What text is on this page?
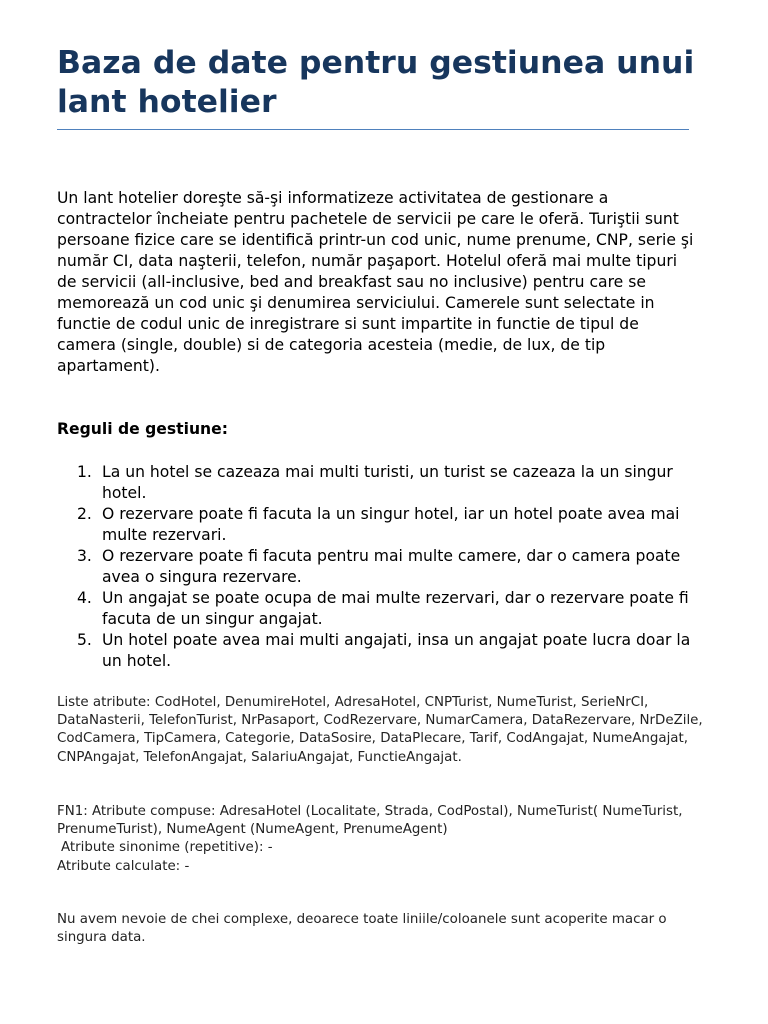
Baza de date pentru gestiunea unui lant hotelier

Un lant hotelier doreşte să-şi informatizeze activitatea de gestionare a contractelor încheiate pentru pachetele de servicii pe care le oferă. Turiştii sunt persoane fizice care se identifică printr-un cod unic, nume prenume, CNP, serie şi număr CI, data naşterii, telefon, număr paşaport. Hotelul oferă mai multe tipuri de servicii (all-inclusive, bed and breakfast sau no inclusive) pentru care se memorează un cod unic şi denumirea serviciului. Camerele sunt selectate in functie de codul unic de inregistrare si sunt impartite in functie de tipul de camera (single, double) si de categoria acesteia (medie, de lux, de tip apartament).

Reguli de gestiune:

1. La un hotel se cazeaza mai multi turisti, un turist se cazeaza la un singur hotel.
2. O rezervare poate fi facuta la un singur hotel, iar un hotel poate avea mai multe rezervari.
3. O rezervare poate fi facuta pentru mai multe camere, dar o camera poate avea o singura rezervare.
4. Un angajat se poate ocupa de mai multe rezervari, dar o rezervare poate fi facuta de un singur angajat.
5. Un hotel poate avea mai multi angajati, insa un angajat poate lucra doar la un hotel.

Liste atribute: CodHotel, DenumireHotel, AdresaHotel, CNPTurist, NumeTurist, SerieNrCI, DataNasterii, TelefonTurist, NrPasaport, CodRezervare, NumarCamera, DataRezervare, NrDeZile, CodCamera, TipCamera, Categorie, DataSosire, DataPlecare, Tarif, CodAngajat, NumeAngajat, CNPAngajat, TelefonAngajat, SalariuAngajat, FunctieAngajat.

FN1: Atribute compuse: AdresaHotel (Localitate, Strada, CodPostal), NumeTurist( NumeTurist, PrenumeTurist), NumeAgent (NumeAgent, PrenumeAgent)
Atribute sinonime (repetitive): -
Atribute calculate: -

Nu avem nevoie de chei complexe, deoarece toate liniile/coloanele sunt acoperite macar o singura data.
